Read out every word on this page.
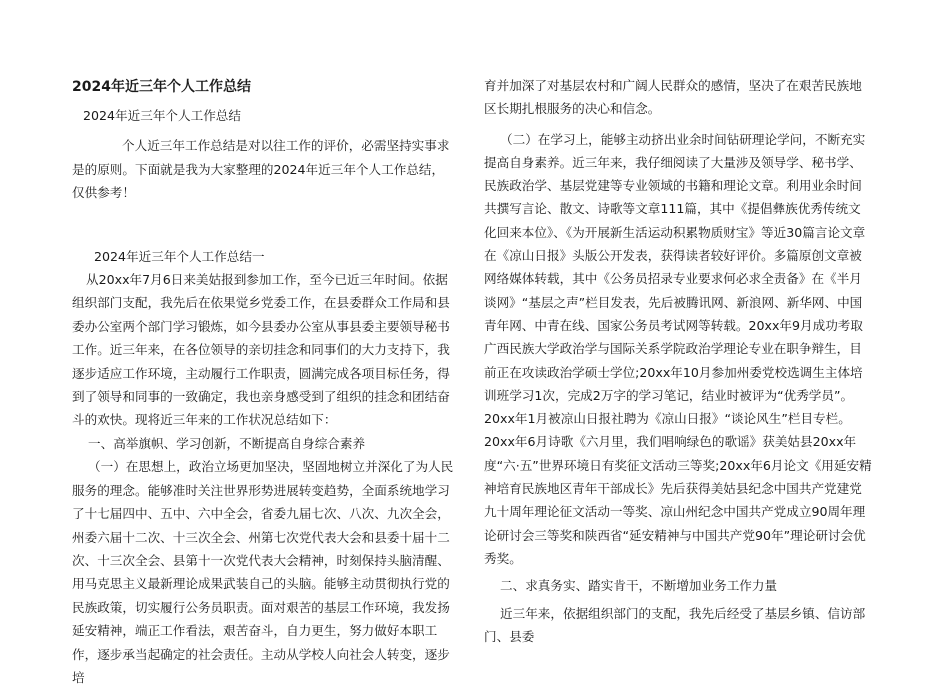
2024年近三年个人工作总结

2024年近三年个人工作总结

个人近三年工作总结是对以往工作的评价，必需坚持实事求是的原则。下面就是我为大家整理的2024年近三年个人工作总结，仅供参考！

2024年近三年个人工作总结一

从20xx年7月6日来美姑报到参加工作，至今已近三年时间。依据组织部门支配，我先后在依果觉乡党委工作，在县委群众工作局和县委办公室两个部门学习锻炼，如今县委办公室从事县委主要领导秘书工作。近三年来，在各位领导的亲切挂念和同事们的大力支持下，我逐步适应工作环境，主动履行工作职责，圆满完成各项目标任务，得到了领导和同事的一致确定，我也亲身感受到了组织的挂念和团结奋斗的欢快。现将近三年来的工作状况总结如下：

一、高举旗帜、学习创新，不断提高自身综合素养

（一）在思想上，政治立场更加坚决，坚固地树立并深化了为人民服务的理念。能够准时关注世界形势进展转变趋势，全面系统地学习了十七届四中、五中、六中全会，省委九届七次、八次、九次全会，州委六届十二次、十三次全会、州第七次党代表大会和县委十届十二次、十三次全会、县第十一次党代表大会精神，时刻保持头脑清醒、用马克思主义最新理论成果武装自己的头脑。能够主动贯彻执行党的民族政策，切实履行公务员职责。面对艰苦的基层工作环境，我发扬延安精神，端正工作看法，艰苦奋斗，自力更生，努力做好本职工作，逐步承当起确定的社会责任。主动从学校人向社会人转变，逐步培

育并加深了对基层农村和广阔人民群众的感情，坚决了在艰苦民族地区长期扎根服务的决心和信念。

（二）在学习上，能够主动挤出业余时间钻研理论学问，不断充实提高自身素养。近三年来，我仔细阅读了大量涉及领导学、秘书学、民族政治学、基层党建等专业领域的书籍和理论文章。利用业余时间共撰写言论、散文、诗歌等文章111篇，其中《提倡彝族优秀传统文化回来本位》、《为开展新生活运动积累物质财宝》等近30篇言论文章在《凉山日报》头版公开发表，获得读者较好评价。多篇原创文章被网络媒体转载，其中《公务员招录专业要求何必求全责备》在《半月谈网》“基层之声”栏目发表，先后被腾讯网、新浪网、新华网、中国青年网、中青在线、国家公务员考试网等转载。20xx年9月成功考取广西民族大学政治学与国际关系学院政治学理论专业在职争辩生，目前正在攻读政治学硕士学位;20xx年10月参加州委党校选调生主体培训班学习1次，完成2万字的学习笔记，结业时被评为“优秀学员”。20xx年1月被凉山日报社聘为《凉山日报》“谈论风生”栏目专栏。20xx年6月诗歌《六月里，我们唱响绿色的歌谣》获美姑县20xx年度“六·五”世界环境日有奖征文活动三等奖;20xx年6月论文《用延安精神培育民族地区青年干部成长》先后获得美姑县纪念中国共产党建党九十周年理论征文活动一等奖、凉山州纪念中国共产党成立90周年理论研讨会三等奖和陕西省“延安精神与中国共产党90年”理论研讨会优秀奖。

二、求真务实、踏实肯干，不断增加业务工作力量

近三年来，依据组织部门的支配，我先后经受了基层乡镇、信访部门、县委
